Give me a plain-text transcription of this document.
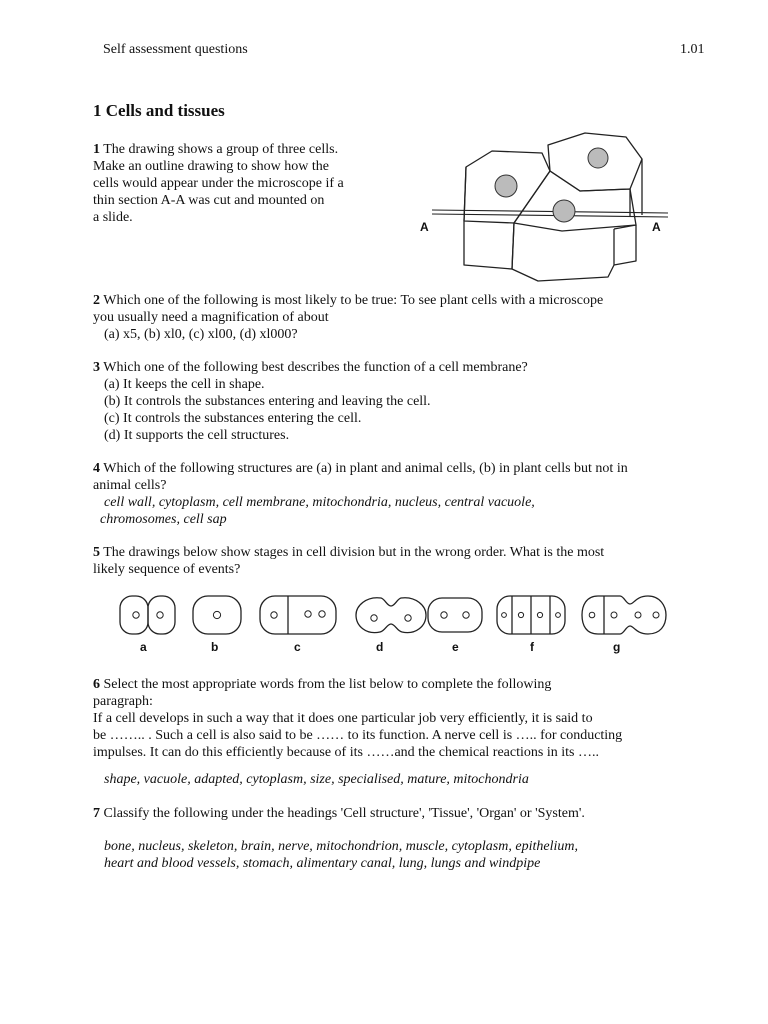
Self assessment questions	1.01
1 Cells and tissues
1 The drawing shows a group of three cells.
Make an outline drawing to show how the
cells would appear under the microscope if a
thin section A-A was cut and mounted on
a slide.
A	A
2 Which one of the following is most likely to be true: To see plant cells with a microscope
you usually need a magnification of about
(a) x5, (b) xl0, (c) xl00, (d) xl000?
3 Which one of the following best describes the function of a cell membrane?
(a) It keeps the cell in shape.
(b) It controls the substances entering and leaving the cell.
(c) It controls the substances entering the cell.
(d) It supports the cell structures.
4 Which of the following structures are (a) in plant and animal cells, (b) in plant cells but not in
animal cells?
cell wall, cytoplasm, cell membrane, mitochondria, nucleus, central vacuole,
chromosomes, cell sap
5 The drawings below show stages in cell division but in the wrong order. What is the most
likely sequence of events?
a	b	c	d	e	f	g
6 Select the most appropriate words from the list below to complete the following
paragraph:
If a cell develops in such a way that it does one particular job very efficiently, it is said to
be …….. . Such a cell is also said to be …… to its function. A nerve cell is ….. for conducting
impulses. It can do this efficiently because of its ……and the chemical reactions in its …..
shape, vacuole, adapted, cytoplasm, size, specialised, mature, mitochondria
7 Classify the following under the headings 'Cell structure', 'Tissue', 'Organ' or 'System'.
bone, nucleus, skeleton, brain, nerve, mitochondrion, muscle, cytoplasm, epithelium,
heart and blood vessels, stomach, alimentary canal, lung, lungs and windpipe
